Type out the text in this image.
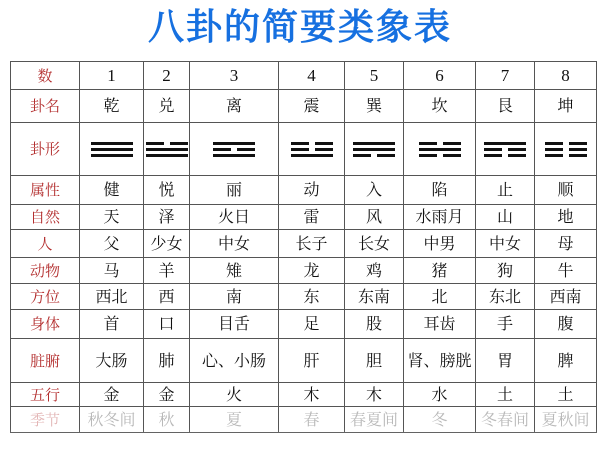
八卦的简要类象表
数	1	2	3	4	5	6	7	8
卦名	乾	兑	离	震	巽	坎	艮	坤
卦形	

属性	健	悦	丽	动	入	陷	止	顺
自然	天	泽	火日	雷	风	水雨月	山	地
人	父	少女	中女	长子	长女	中男	中女	母
动物	马	羊	雉	龙	鸡	猪	狗	牛
方位	西北	西	南	东	东南	北	东北	西南
身体	首	口	目舌	足	股	耳齿	手	腹
脏腑	大肠	肺	心、小肠	肝	胆	肾、膀胱	胃	脾
五行	金	金	火	木	木	水	土	土
季节	秋冬间	秋	夏	春	春夏间	冬	冬春间	夏秋间
